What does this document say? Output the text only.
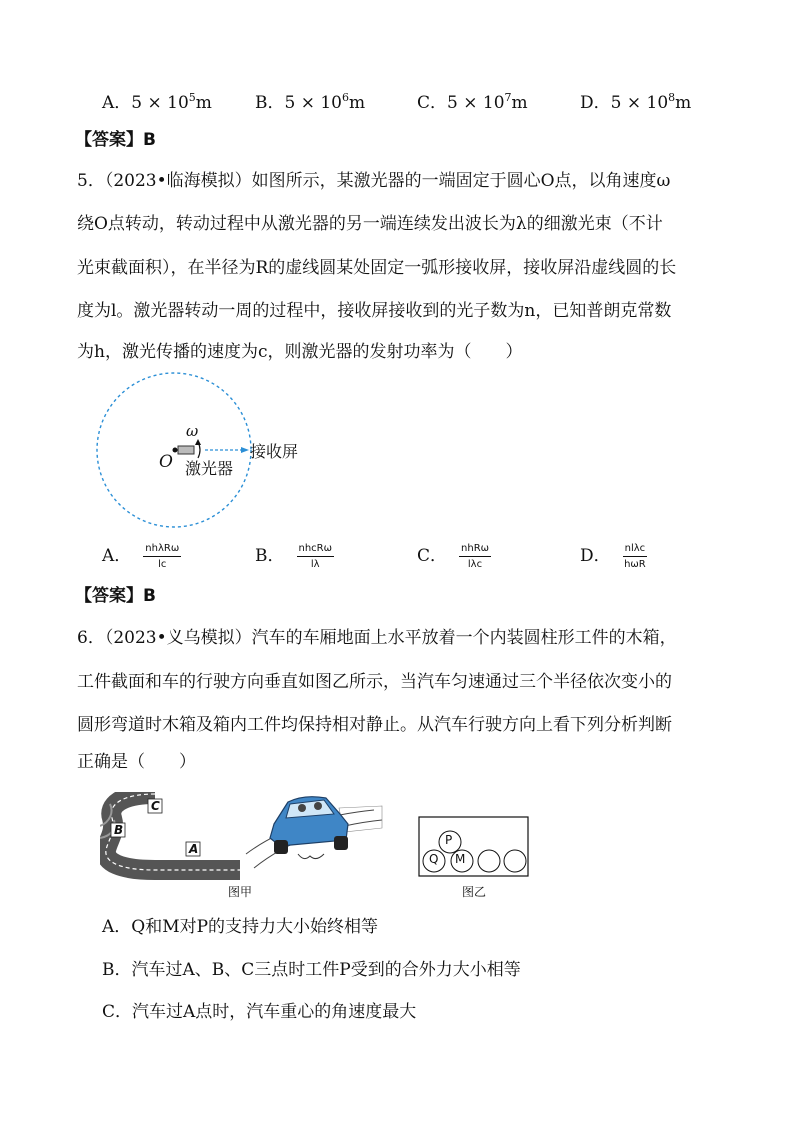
A．$5 \times 10^5m$	B．$5 \times 10^6m$	C．$5 \times 10^7m$	D．$5 \times 10^8m$
【答案】B
5．（2023•临海模拟）如图所示，某激光器的一端固定于圆心O点，以角速度ω
绕O点转动，转动过程中从激光器的另一端连续发出波长为λ的细激光束（不计
光束截面积），在半径为R的虚线圆某处固定一弧形接收屏，接收屏沿虚线圆的长
度为l。激光器转动一周的过程中，接收屏接收到的光子数为n，已知普朗克常数
为h，激光传播的速度为c，则激光器的发射功率为（　　）
ω
O 激光器
接收屏
A． $\frac{\text{nhλRω}}{lc}$	B． $\frac{\text{nhcRω}}{l\lambda}$	C． $\frac{\text{nhRω}}{\text{lλc}}$	D． $\frac{\text{nlλc}}{\text{hωR}}$
【答案】B
6．（2023•义乌模拟）汽车的车厢地面上水平放着一个内装圆柱形工件的木箱，
工件截面和车的行驶方向垂直如图乙所示，当汽车匀速通过三个半径依次变小的
圆形弯道时木箱及箱内工件均保持相对静止。从汽车行驶方向上看下列分析判断
正确是（　　）
C
B
A
图甲
P
Q M
图乙
A．Q和M对P的支持力大小始终相等
B．汽车过A、B、C三点时工件P受到的合外力大小相等
C．汽车过A点时，汽车重心的角速度最大
